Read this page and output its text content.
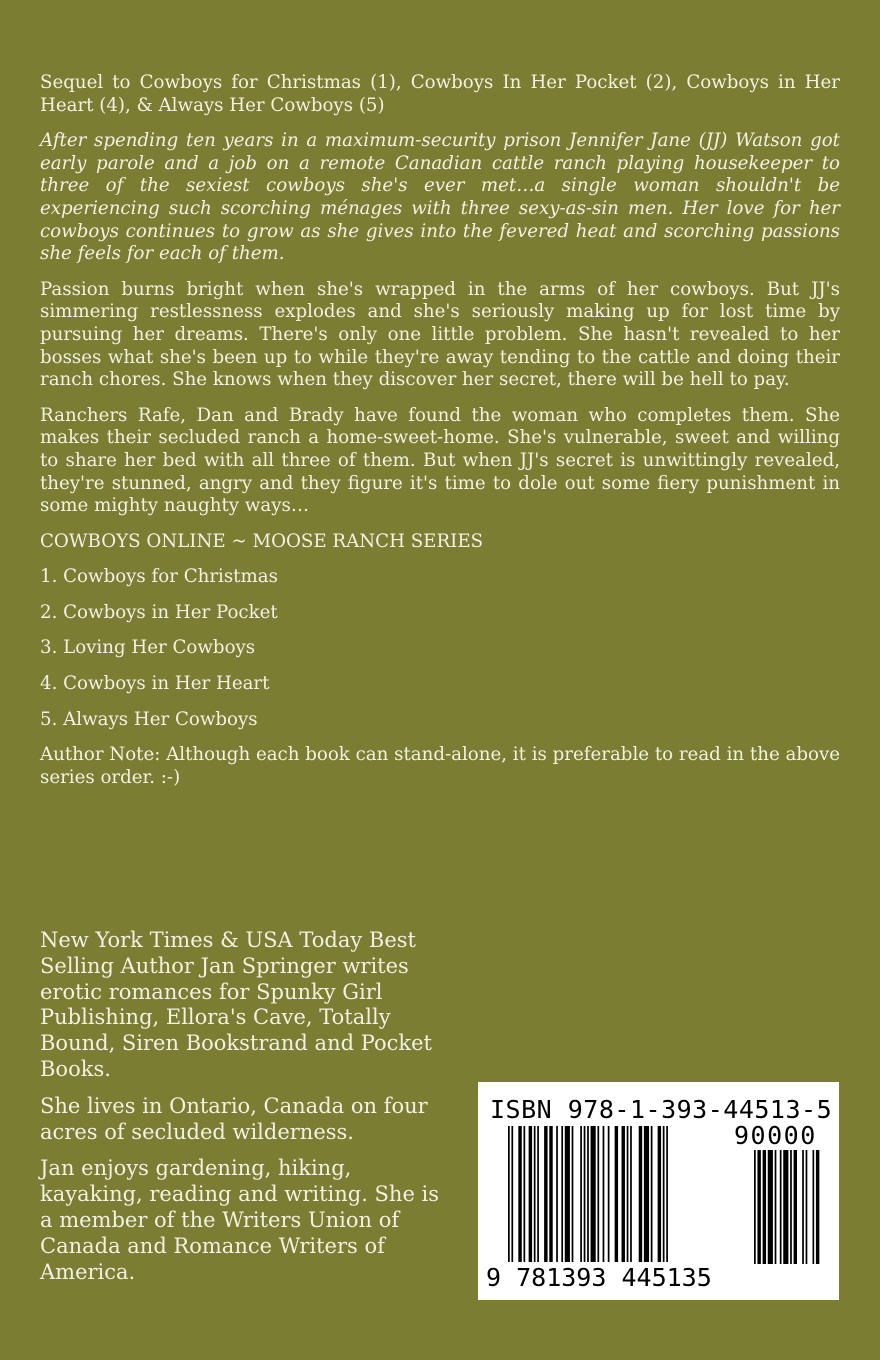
Sequel to Cowboys for Christmas (1), Cowboys In Her Pocket (2), Cowboys in Her Heart (4), & Always Her Cowboys (5)

After spending ten years in a maximum-security prison Jennifer Jane (JJ) Watson got early parole and a job on a remote Canadian cattle ranch playing housekeeper to three of the sexiest cowboys she's ever met…a single woman shouldn't be experiencing such scorching ménages with three sexy-as-sin men. Her love for her cowboys continues to grow as she gives into the fevered heat and scorching passions she feels for each of them.

Passion burns bright when she's wrapped in the arms of her cowboys. But JJ's simmering restlessness explodes and she's seriously making up for lost time by pursuing her dreams. There's only one little problem. She hasn't revealed to her bosses what she's been up to while they're away tending to the cattle and doing their ranch chores. She knows when they discover her secret, there will be hell to pay.

Ranchers Rafe, Dan and Brady have found the woman who completes them. She makes their secluded ranch a home-sweet-home. She's vulnerable, sweet and willing to share her bed with all three of them. But when JJ's secret is unwittingly revealed, they're stunned, angry and they figure it's time to dole out some fiery punishment in some mighty naughty ways…

COWBOYS ONLINE ~ MOOSE RANCH SERIES

1. Cowboys for Christmas

2. Cowboys in Her Pocket

3. Loving Her Cowboys

4. Cowboys in Her Heart

5. Always Her Cowboys

Author Note: Although each book can stand-alone, it is preferable to read in the above series order. :-)

New York Times & USA Today Best Selling Author Jan Springer writes erotic romances for Spunky Girl Publishing, Ellora's Cave, Totally Bound, Siren Bookstrand and Pocket Books.

She lives in Ontario, Canada on four acres of secluded wilderness.

Jan enjoys gardening, hiking, kayaking, reading and writing. She is a member of the Writers Union of Canada and Romance Writers of America.

ISBN 978-1-393-44513-5
90000
9 781393 445135
